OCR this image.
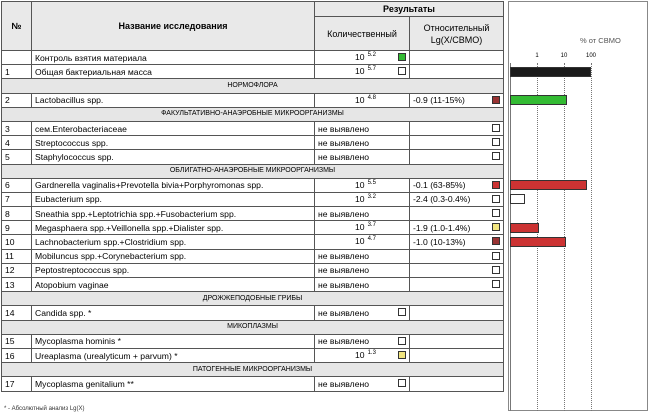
№	Название исследования	Результаты	
		Количественный	Относительный
Lg(X/CBMO)
	Контроль взятия материала	10 $^{5.2}$

1	Общая бактериальная масса	10 $^{5.7}$

НОРМОФЛОРА			
2	Lactobacillus spp.	10 $^{4.8}$	-0.9 (11-15%)

ФАКУЛЬТАТИВНО-АНАЭРОБНЫЕ МИКРООРГАНИЗМЫ			
3	сем.Enterobacteriaceae	не выявлено	

4	Streptococcus spp.	не выявлено	

5	Staphylococcus spp.	не выявлено	

ОБЛИГАТНО-АНАЭРОБНЫЕ МИКРООРГАНИЗМЫ			
6	Gardnerella vaginalis+Prevotella bivia+Porphyromonas spp.	10 $^{5.5}$	-0.1 (63-85%)

7	Eubacterium spp.	10 $^{3.2}$	-2.4 (0.3-0.4%)

8	Sneathia spp.+Leptotrichia spp.+Fusobacterium spp.	не выявлено	

9	Megasphaera spp.+Veillonella spp.+Dialister spp.	10 $^{3.7}$	-1.9 (1.0-1.4%)

10	Lachnobacterium spp.+Clostridium spp.	10 $^{4.7}$	-1.0 (10-13%)

11	Mobiluncus spp.+Corynebacterium spp.	не выявлено	

12	Peptostreptococcus spp.	не выявлено	

13	Atopobium vaginae	не выявлено	

ДРОЖЖЕПОДОБНЫЕ ГРИБЫ			
14	Candida spp. *	не выявлено

МИКОПЛАЗМЫ			
15	Mycoplasma hominis *	не выявлено

16	Ureaplasma (urealyticum + parvum) *	10 $^{1.3}$

ПАТОГЕННЫЕ МИКРООРГАНИЗМЫ			
17	Mycoplasma genitalium **	не выявлено

% от СВМО
1	10	100
* - Абсолютный анализ Lg(X)
